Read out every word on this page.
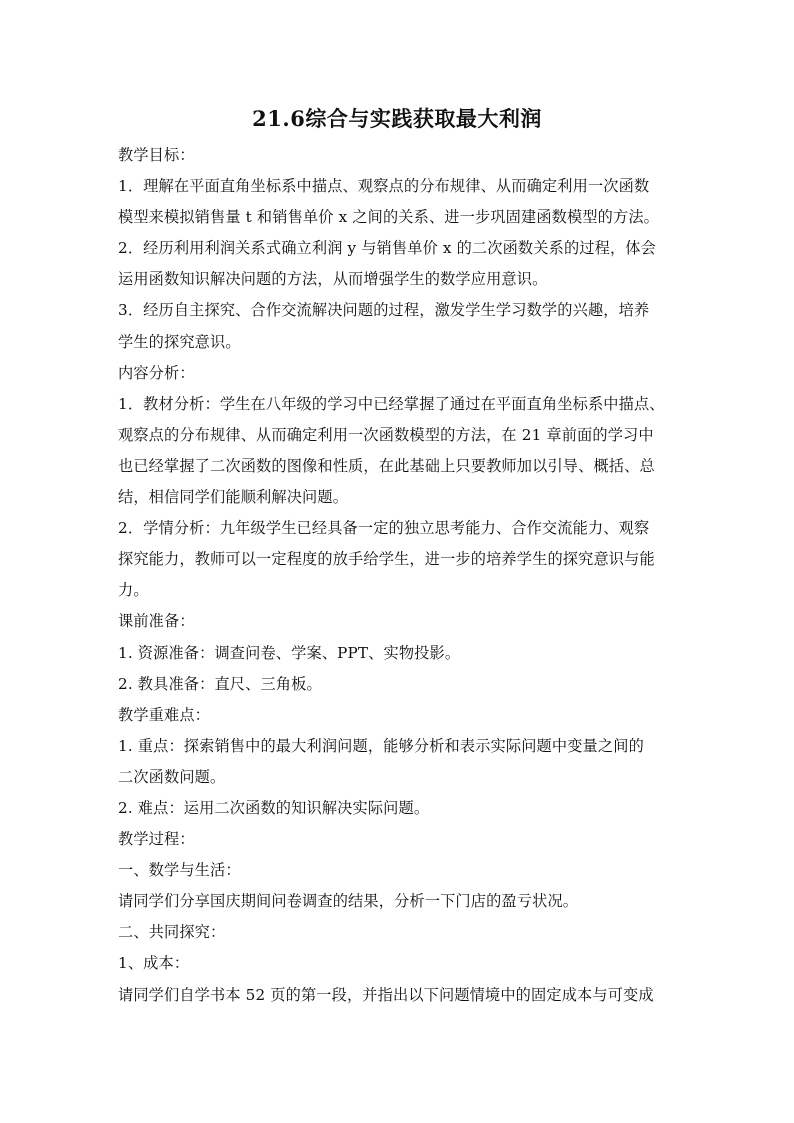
21.6综合与实践获取最大利润
教学目标：
1．理解在平面直角坐标系中描点、观察点的分布规律、从而确定利用一次函数
模型来模拟销售量 t 和销售单价 x 之间的关系、进一步巩固建函数模型的方法。
2．经历利用利润关系式确立利润 y 与销售单价 x 的二次函数关系的过程，体会
运用函数知识解决问题的方法，从而增强学生的数学应用意识。
3．经历自主探究、合作交流解决问题的过程，激发学生学习数学的兴趣，培养
学生的探究意识。
内容分析：
1．教材分析：学生在八年级的学习中已经掌握了通过在平面直角坐标系中描点、
观察点的分布规律、从而确定利用一次函数模型的方法，在 21 章前面的学习中
也已经掌握了二次函数的图像和性质，在此基础上只要教师加以引导、概括、总
结，相信同学们能顺利解决问题。
2．学情分析：九年级学生已经具备一定的独立思考能力、合作交流能力、观察
探究能力，教师可以一定程度的放手给学生，进一步的培养学生的探究意识与能
力。
课前准备：
1. 资源准备：调查问卷、学案、PPT、实物投影。
2. 教具准备：直尺、三角板。
教学重难点：
1. 重点：探索销售中的最大利润问题，能够分析和表示实际问题中变量之间的
二次函数问题。
2. 难点：运用二次函数的知识解决实际问题。
教学过程：
一、数学与生活：
请同学们分享国庆期间问卷调查的结果，分析一下门店的盈亏状况。
二、共同探究：
1、成本：
请同学们自学书本 52 页的第一段，并指出以下问题情境中的固定成本与可变成
